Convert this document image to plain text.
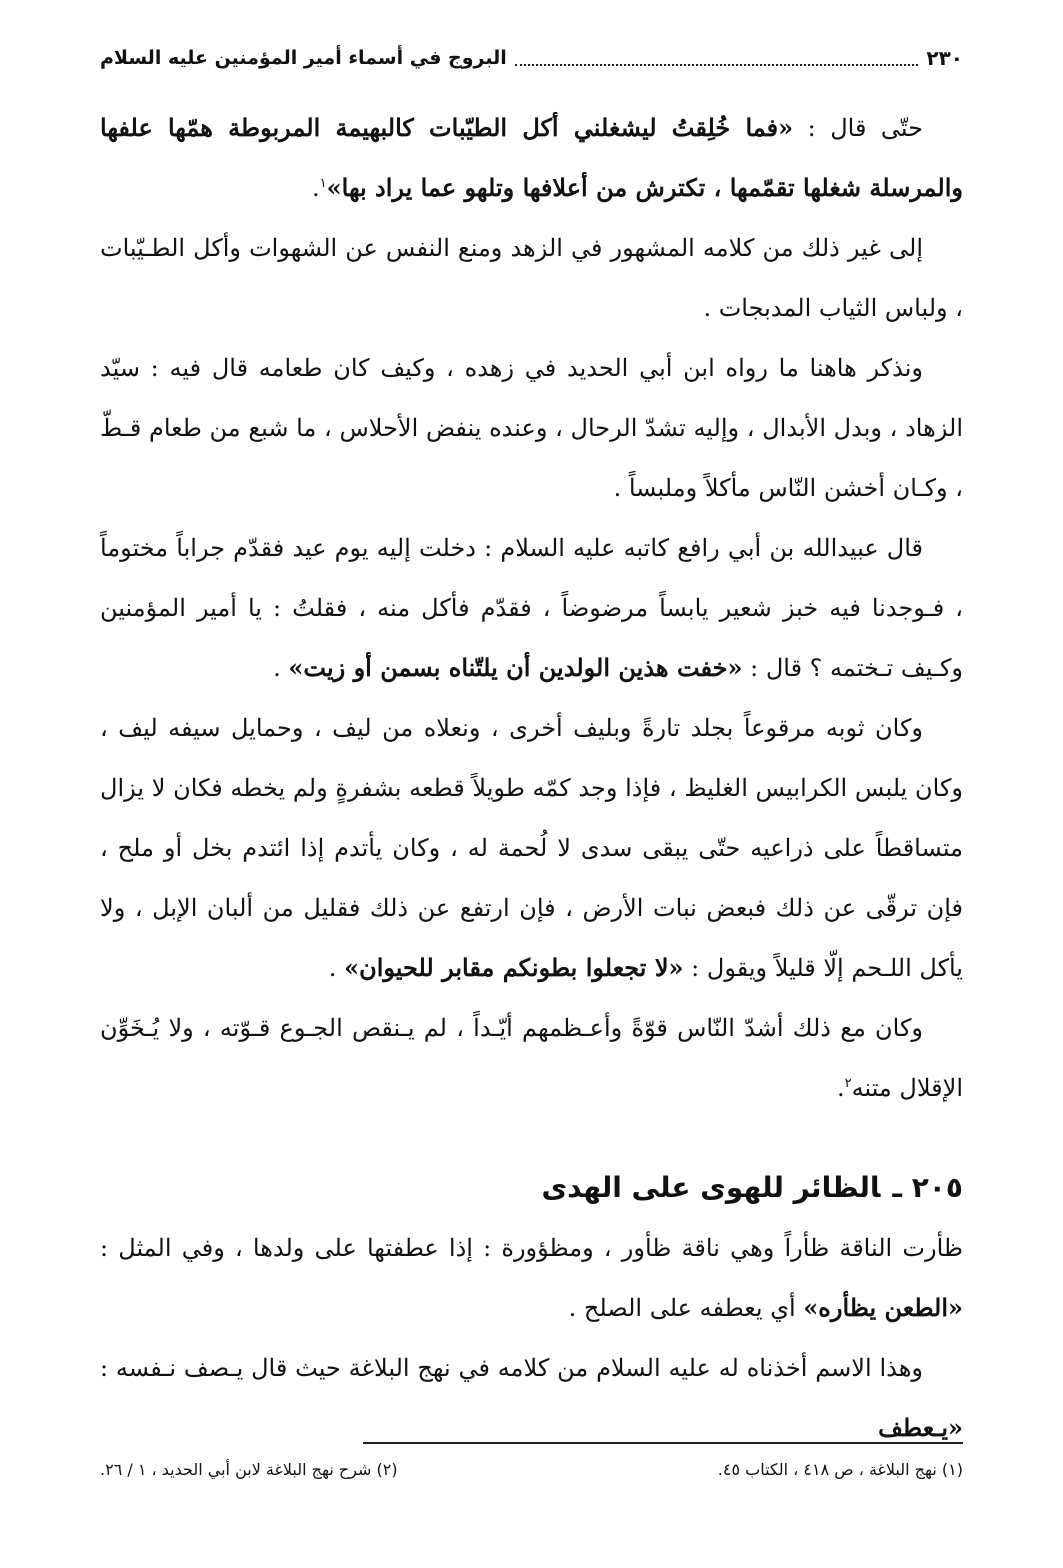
٢٣٠
البروج في أسماء أمير المؤمنين عليه السلام

حتّى قال : «فما خُلِقتُ ليشغلني أكل الطيّبات كالبهيمة المربوطة همّها علفها والمرسلة شغلها تقمّمها ، تكترش من أعلافها وتلهو عما يراد بها»$^١$.

إلى غير ذلك من كلامه المشهور في الزهد ومنع النفس عن الشهوات وأكل الطـيّبات ، ولباس الثياب المدبجات .

ونذكر هاهنا ما رواه ابن أبي الحديد في زهده ، وكيف كان طعامه قال فيه : سيّد الزهاد ، وبدل الأبدال ، وإليه تشدّ الرحال ، وعنده ينفض الأحلاس ، ما شبع من طعام قـطّ ، وكـان أخشن النّاس مأكلاً وملبساً .

قال عبيدالله بن أبي رافع كاتبه عليه السلام : دخلت إليه يوم عيد فقدّم جراباً مختوماً ، فـوجدنا فيه خبز شعير يابساً مرضوضاً ، فقدّم فأكل منه ، فقلتُ : يا أمير المؤمنين وكـيف تـختمه ؟ قال : «خفت هذين الولدين أن يلتّناه بسمن أو زيت» .

وكان ثوبه مرقوعاً بجلد تارةً وبليف أخرى ، ونعلاه من ليف ، وحمايل سيفه ليف ، وكان يلبس الكرابيس الغليظ ، فإذا وجد كمّه طويلاً قطعه بشفرةٍ ولم يخطه فكان لا يزال متساقطاً على ذراعيه حتّى يبقى سدى لا لُحمة له ، وكان يأتدم إذا ائتدم بخل أو ملح ، فإن ترقّى عن ذلك فبعض نبات الأرض ، فإن ارتفع عن ذلك فقليل من ألبان الإبل ، ولا يأكل اللـحم إلّا قليلاً ويقول : «لا تجعلوا بطونكم مقابر للحيوان» .

وكان مع ذلك أشدّ النّاس قوّةً وأعـظمهم أيّـداً ، لم يـنقص الجـوع قـوّته ، ولا يُـخَوِّن الإقلال متنه$^٢$.

٢٠٥ ـالظائر للهوى على الهدى

ظأرت الناقة ظأراً وهي ناقة ظأور ، ومظؤورة : إذا عطفتها على ولدها ، وفي المثل : «الطعن يظأره» أي يعطفه على الصلح .

وهذا الاسم أخذناه له عليه السلام من كلامه في نهج البلاغة حيث قال يـصف نـفسه : «يـعطف

(١) نهج البلاغة ، ص ٤١٨ ، الكتاب ٤٥.
(٢) شرح نهج البلاغة لابن أبي الحديد ، ١ / ٢٦.
